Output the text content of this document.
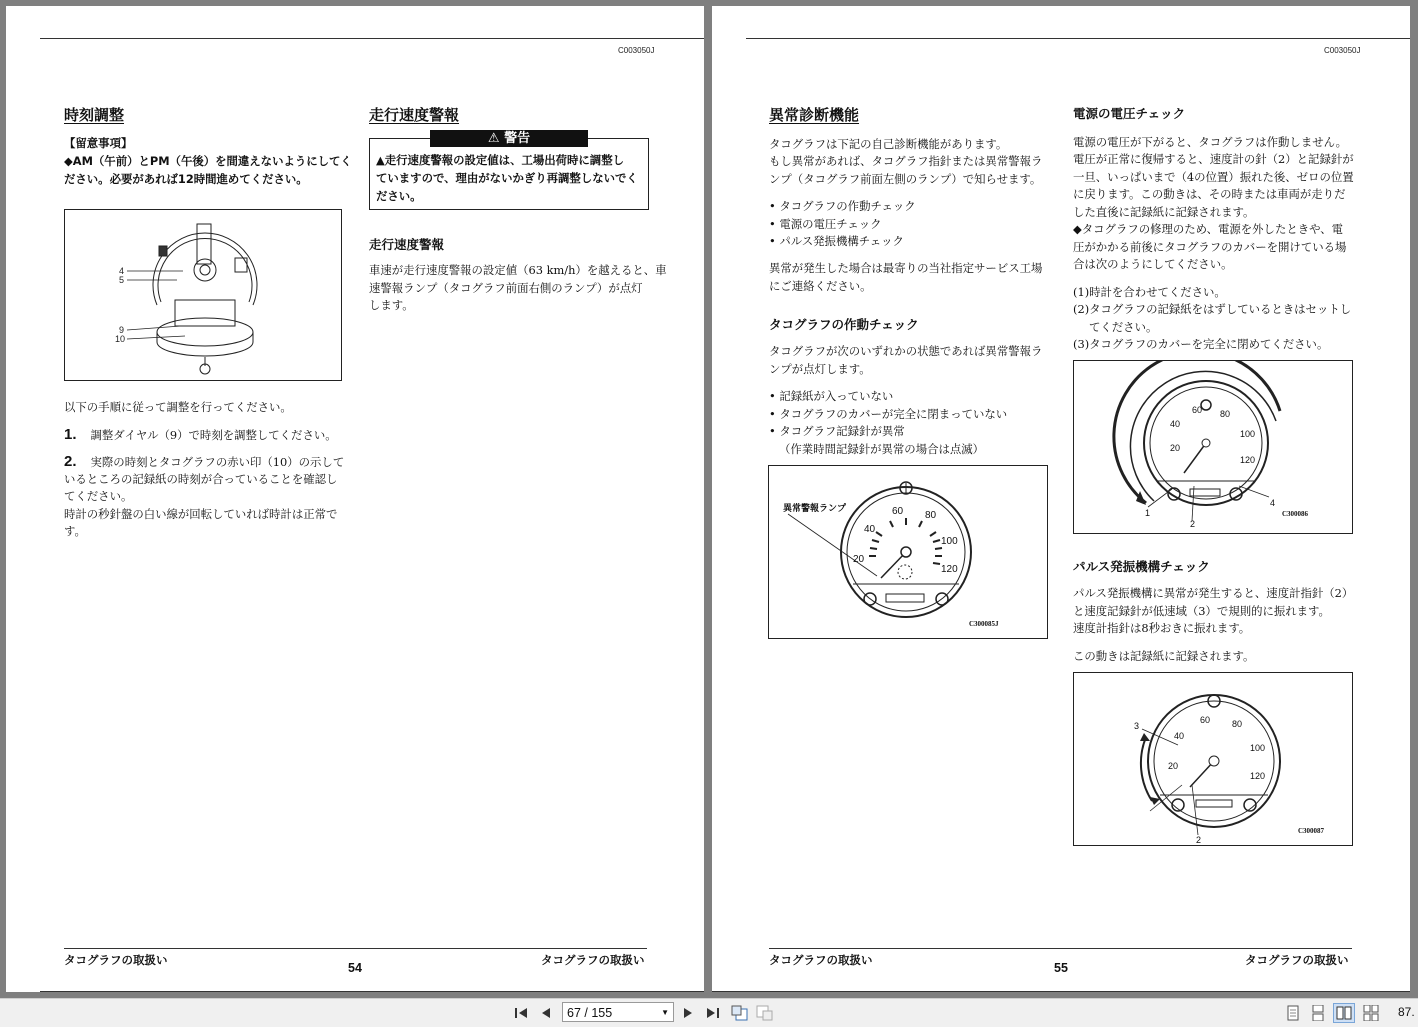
C003050J
時刻調整
【留意事項】
◆AM（午前）とPM（午後）を間違えないようにしてく
ださい。必要があれば12時間進めてください。
4
5
9
10
以下の手順に従って調整を行ってください。
1. 調整ダイヤル（9）で時刻を調整してください。
2. 実際の時刻とタコグラフの赤い印（10）の示して
いるところの記録紙の時刻が合っていることを確認し
てください。
時計の秒針盤の白い線が回転していれば時計は正常で
す。
走行速度警報
⚠ 警告
▲走行速度警報の設定値は、工場出荷時に調整し
ていますので、理由がないかぎり再調整しないでく
ださい。
走行速度警報
車速が走行速度警報の設定値（63 km/h）を越えると、車
速警報ランプ（タコグラフ前面右側のランプ）が点灯
します。
タコグラフの取扱い
54
タコグラフの取扱い
C003050J
異常診断機能
タコグラフは下記の自己診断機能があります。
もし異常があれば、タコグラフ指針または異常警報ラ
ンプ（タコグラフ前面左側のランプ）で知らせます。
• タコグラフの作動チェック
• 電源の電圧チェック
• パルス発振機構チェック
異常が発生した場合は最寄りの当社指定サービス工場
にご連絡ください。
タコグラフの作動チェック
タコグラフが次のいずれかの状態であれば異常警報ラ
ンプが点灯します。
• 記録紙が入っていない
• タコグラフのカバーが完全に閉まっていない
• タコグラフ記録針が異常
（作業時間記録針が異常の場合は点滅）
20
40
60 80
100
120
異常警報ランプ
C300085J
電源の電圧チェック
電源の電圧が下がると、タコグラフは作動しません。
電圧が正常に復帰すると、速度計の針（2）と記録針が
一旦、いっぱいまで（4の位置）振れた後、ゼロの位置
に戻ります。この動きは、その時または車両が走りだ
した直後に記録紙に記録されます。
◆タコグラフの修理のため、電源を外したときや、電
圧がかかる前後にタコグラフのカバーを開けている場
合は次のようにしてください。
(1)時計を合わせてください。
(2)タコグラフの記録紙をはずしているときはセットし
てください。
(3)タコグラフのカバーを完全に閉めてください。
20
40
60 80
100
120
1
2
4
C300086
パルス発振機構チェック
パルス発振機構に異常が発生すると、速度計指針（2）
と速度記録針が低速域（3）で規則的に振れます。
速度計指針は8秒おきに振れます。
この動きは記録紙に記録されます。
20
40
60 80
100
120
3
2
C300087
タコグラフの取扱い
55
タコグラフの取扱い
67 / 155	▼	87.
